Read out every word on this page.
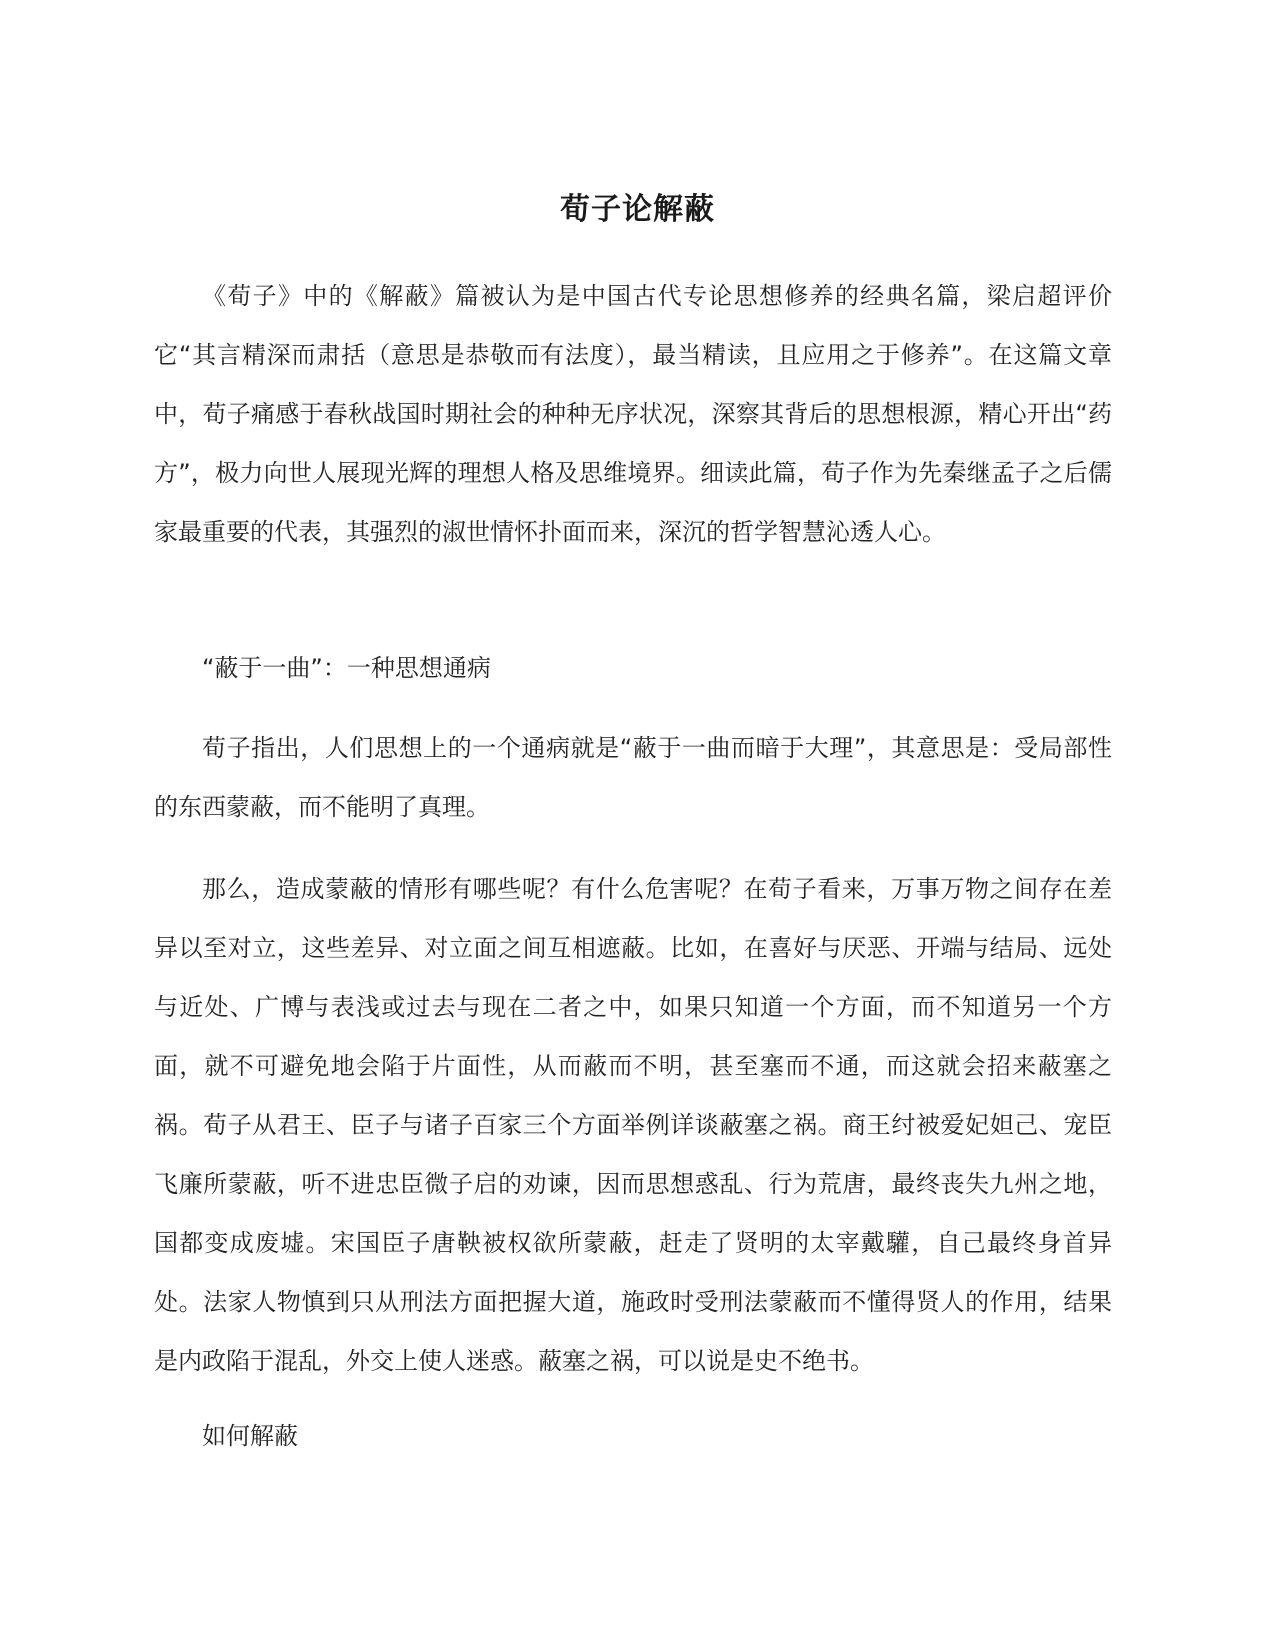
荀子论解蔽

《荀子》中的《解蔽》篇被认为是中国古代专论思想修养的经典名篇，梁启超评价它“其言精深而肃括（意思是恭敬而有法度），最当精读，且应用之于修养”。在这篇文章中，荀子痛感于春秋战国时期社会的种种无序状况，深察其背后的思想根源，精心开出“药方”，极力向世人展现光辉的理想人格及思维境界。细读此篇，荀子作为先秦继孟子之后儒家最重要的代表，其强烈的淑世情怀扑面而来，深沉的哲学智慧沁透人心。

“蔽于一曲”：一种思想通病

荀子指出，人们思想上的一个通病就是“蔽于一曲而暗于大理”，其意思是：受局部性的东西蒙蔽，而不能明了真理。

那么，造成蒙蔽的情形有哪些呢？有什么危害呢？在荀子看来，万事万物之间存在差异以至对立，这些差异、对立面之间互相遮蔽。比如，在喜好与厌恶、开端与结局、远处与近处、广博与表浅或过去与现在二者之中，如果只知道一个方面，而不知道另一个方面，就不可避免地会陷于片面性，从而蔽而不明，甚至塞而不通，而这就会招来蔽塞之祸。荀子从君王、臣子与诸子百家三个方面举例详谈蔽塞之祸。商王纣被爱妃妲己、宠臣飞廉所蒙蔽，听不进忠臣微子启的劝谏，因而思想惑乱、行为荒唐，最终丧失九州之地，国都变成废墟。宋国臣子唐鞅被权欲所蒙蔽，赶走了贤明的太宰戴驩，自己最终身首异处。法家人物慎到只从刑法方面把握大道，施政时受刑法蒙蔽而不懂得贤人的作用，结果是内政陷于混乱，外交上使人迷惑。蔽塞之祸，可以说是史不绝书。

如何解蔽
